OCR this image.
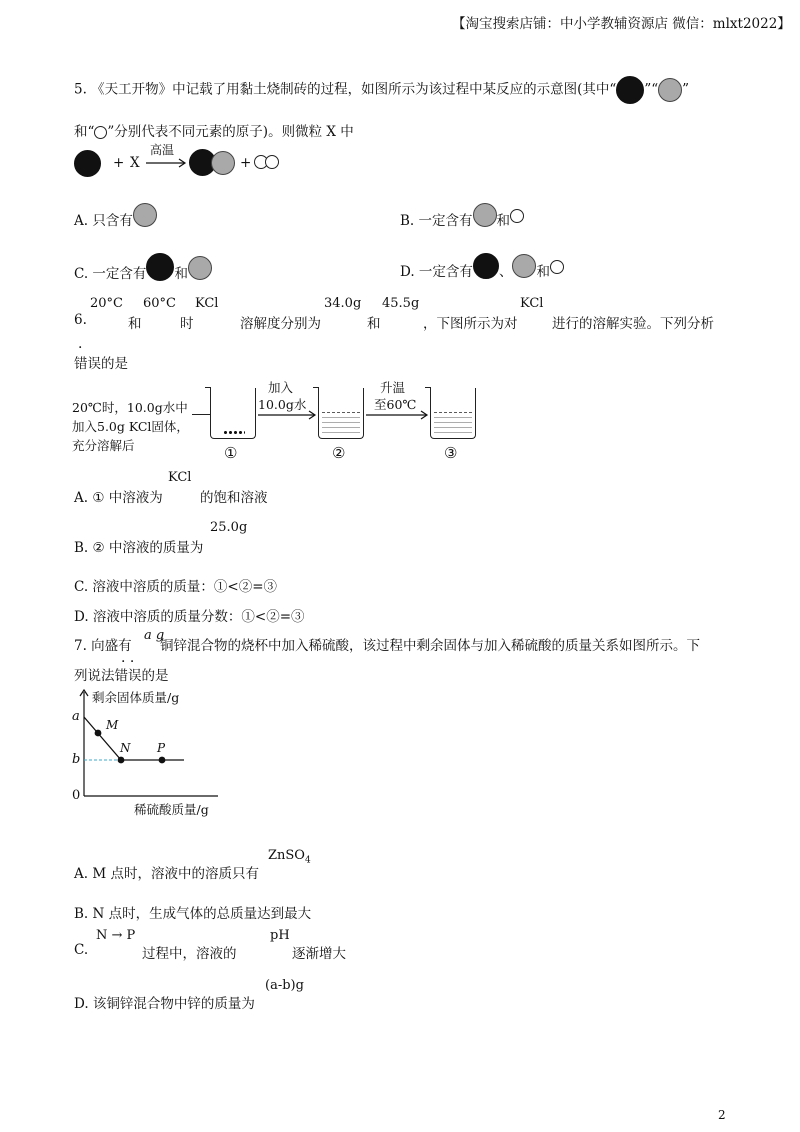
【淘宝搜索店铺：中小学教辅资源店 微信：mlxt2022】
5. 《天工开物》中记载了用黏土烧制砖的过程，如图所示为该过程中某反应的示意图(其中“ ”“ ”
和“ ”分别代表不同元素的原子)。则微粒 X 中
+ X
高温
+
A. 只含有	B. 一定含有 和
C. 一定含有 和	D. 一定含有 、 和
6.
20°C
和
60°C
时
KCl
溶解度分别为
34.0g
和
45.5g
，下图所示为对
KCl
进行的溶解实验。下列分析
错误的是 ·
20℃时，10.0g水中
加入5.0g KCl固体，
充分溶解后	①
加入
10.0g水
②
升温
至60℃
③
A. ① 中溶液为
KCl
的饱和溶液
B. ② 中溶液的质量为
25.0g
C. 溶液中溶质的质量：①<②=③
D. 溶液中溶质的质量分数：①<②=③
7. 向盛有
a g
铜锌混合物的烧杯中加入稀硫酸，该过程中剩余固体与加入稀硫酸的质量关系如图所示。下
列说法错误的是
· ·
剩余固体质量/g
稀硫酸质量/g
a
b
0
M
N P
A. M 点时，溶液中的溶质只有
ZnSO$_4$
B. N 点时，生成气体的总质量达到最大
C.
N → P
过程中，溶液的
pH
逐渐增大
D. 该铜锌混合物中锌的质量为
(a-b)g
2
